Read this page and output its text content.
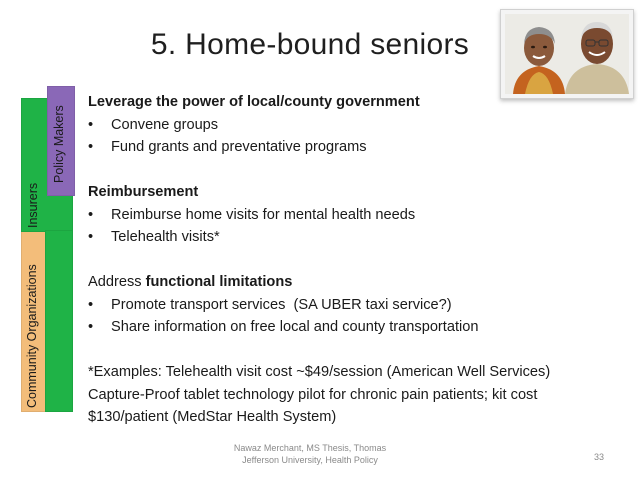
5. Home-bound seniors
Community Organizations
Insurers
Policy Makers
Leverage the power of local/county government
• Convene groups
• Fund grants and preventative programs
Reimbursement
• Reimburse home visits for mental health needs
• Telehealth visits*
Address functional limitations
• Promote transport services  (SA UBER taxi service?)
• Share information on free local and county transportation
*Examples: Telehealth visit cost ~$49/session (American Well Services)
Capture-Proof tablet technology pilot for chronic pain patients; kit cost
$130/patient (MedStar Health System)
Nawaz Merchant, MS Thesis, Thomas
Jefferson University, Health Policy	33
